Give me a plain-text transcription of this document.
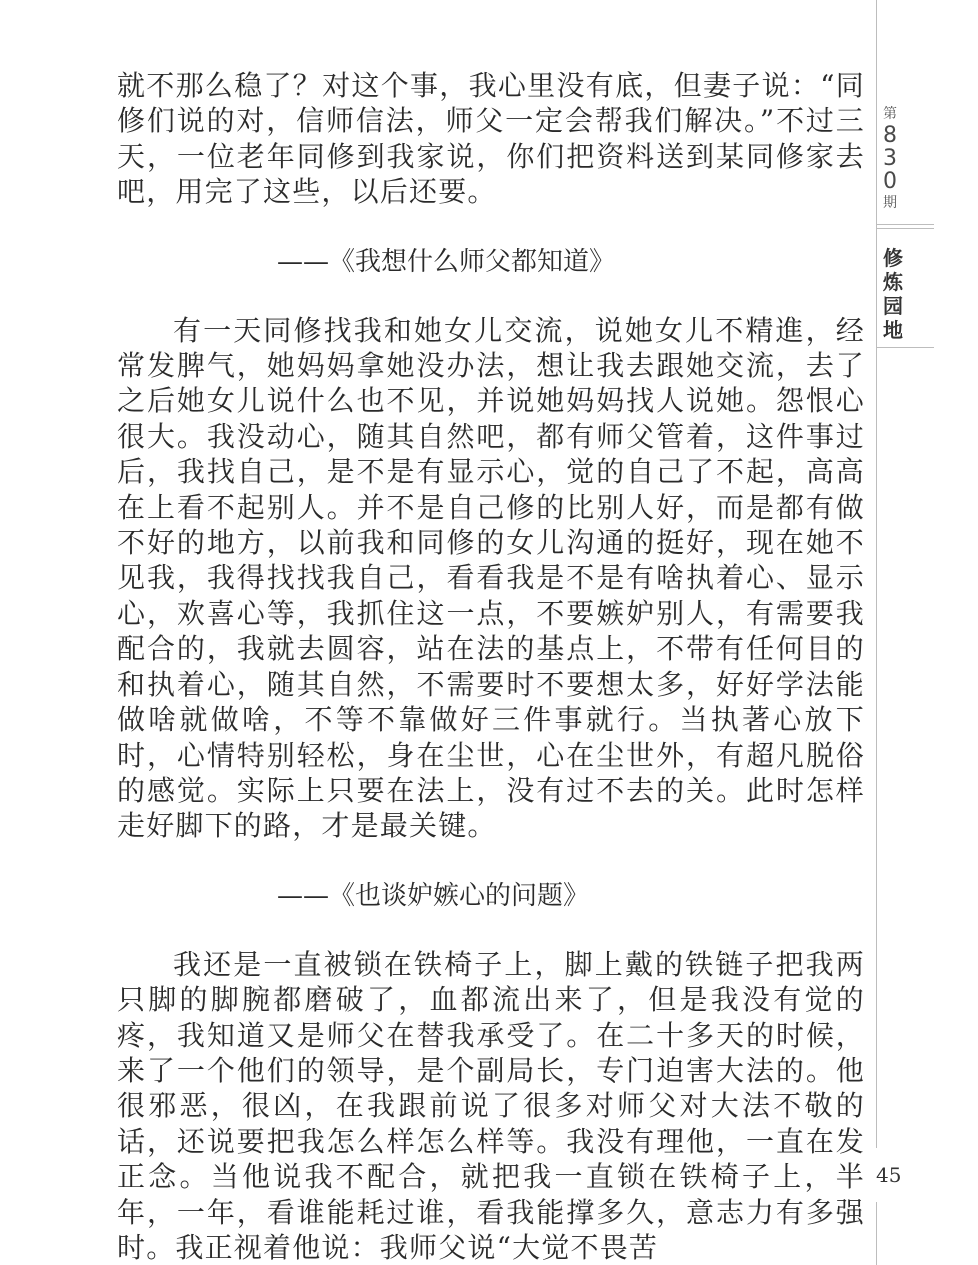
就不那么稳了？对这个事，我心里没有底，但妻子说：“同修们说的对，信师信法，师父一定会帮我们解决。”不过三天，一位老年同修到我家说，你们把资料送到某同修家去吧，用完了这些，以后还要。

——《我想什么师父都知道》

有一天同修找我和她女儿交流，说她女儿不精進，经常发脾气，她妈妈拿她没办法，想让我去跟她交流，去了之后她女儿说什么也不见，并说她妈妈找人说她。怨恨心很大。我没动心，随其自然吧，都有师父管着，这件事过后，我找自己，是不是有显示心，觉的自己了不起，高高在上看不起别人。并不是自己修的比别人好，而是都有做不好的地方，以前我和同修的女儿沟通的挺好，现在她不见我，我得找找我自己，看看我是不是有啥执着心、显示心，欢喜心等，我抓住这一点，不要嫉妒别人，有需要我配合的，我就去圆容，站在法的基点上，不带有任何目的和执着心，随其自然，不需要时不要想太多，好好学法能做啥就做啥，不等不靠做好三件事就行。当执著心放下时，心情特别轻松，身在尘世，心在尘世外，有超凡脱俗的感觉。实际上只要在法上，没有过不去的关。此时怎样走好脚下的路，才是最关键。

——《也谈妒嫉心的问题》

我还是一直被锁在铁椅子上，脚上戴的铁链子把我两只脚的脚腕都磨破了，血都流出来了，但是我没有觉的疼，我知道又是师父在替我承受了。在二十多天的时候，来了一个他们的领导，是个副局长，专门迫害大法的。他很邪恶，很凶，在我跟前说了很多对师父对大法不敬的话，还说要把我怎么样怎么样等。我没有理他，一直在发正念。当他说我不配合，就把我一直锁在铁椅子上，半年，一年，看谁能耗过谁，看我能撑多久，意志力有多强时。我正视着他说：我师父说“大觉不畏苦

第
8
3
0
期
修
炼
园
地
45
